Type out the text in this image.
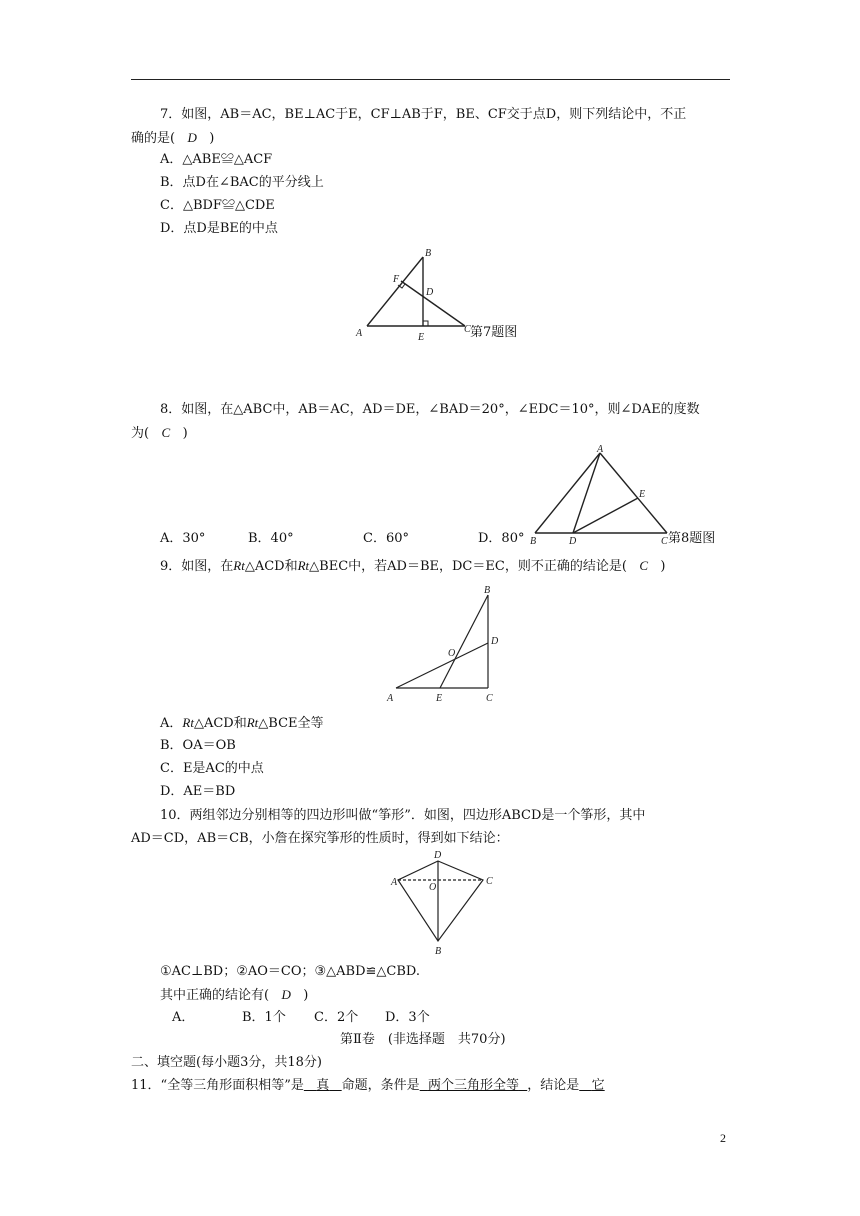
7．如图，AB＝AC，BE⊥AC于E，CF⊥AB于F，BE、CF交于点D，则下列结论中，不正
确的是( D )
A．△ABE≌△ACF
B．点D在∠BAC的平分线上
C．△BDF≌△CDE
D．点D是BE的中点
B
F
D
A	E
C 第7题图
8．如图，在△ABC中，AB＝AC，AD＝DE，∠BAD＝20°，∠EDC＝10°，则∠DAE的度数
为( C )
A
E
B	D	C
A．30°	B．40°	C．60°	D．80°	第8题图
9．如图，在Rt△ACD和Rt△BEC中，若AD＝BE，DC＝EC，则不正确的结论是( C )
B
D
O
A	E	C
A．Rt△ACD和Rt△BCE全等
B．OA＝OB
C．E是AC的中点
D．AE＝BD
10．两组邻边分别相等的四边形叫做“筝形”．如图，四边形ABCD是一个筝形，其中
AD＝CD，AB＝CB，小詹在探究筝形的性质时，得到如下结论：
D
A	O
C
B
①AC⊥BD；②AO＝CO；③△ABD≌△CBD.
其中正确的结论有( D )
A．	B．1个 C．2个 D．3个
第Ⅱ卷　(非选择题　共70分)
二、填空题(每小题3分，共18分)
11．“全等三角形面积相等”是 真 命题，条件是 两个三角形全等 ，结论是 它
2
